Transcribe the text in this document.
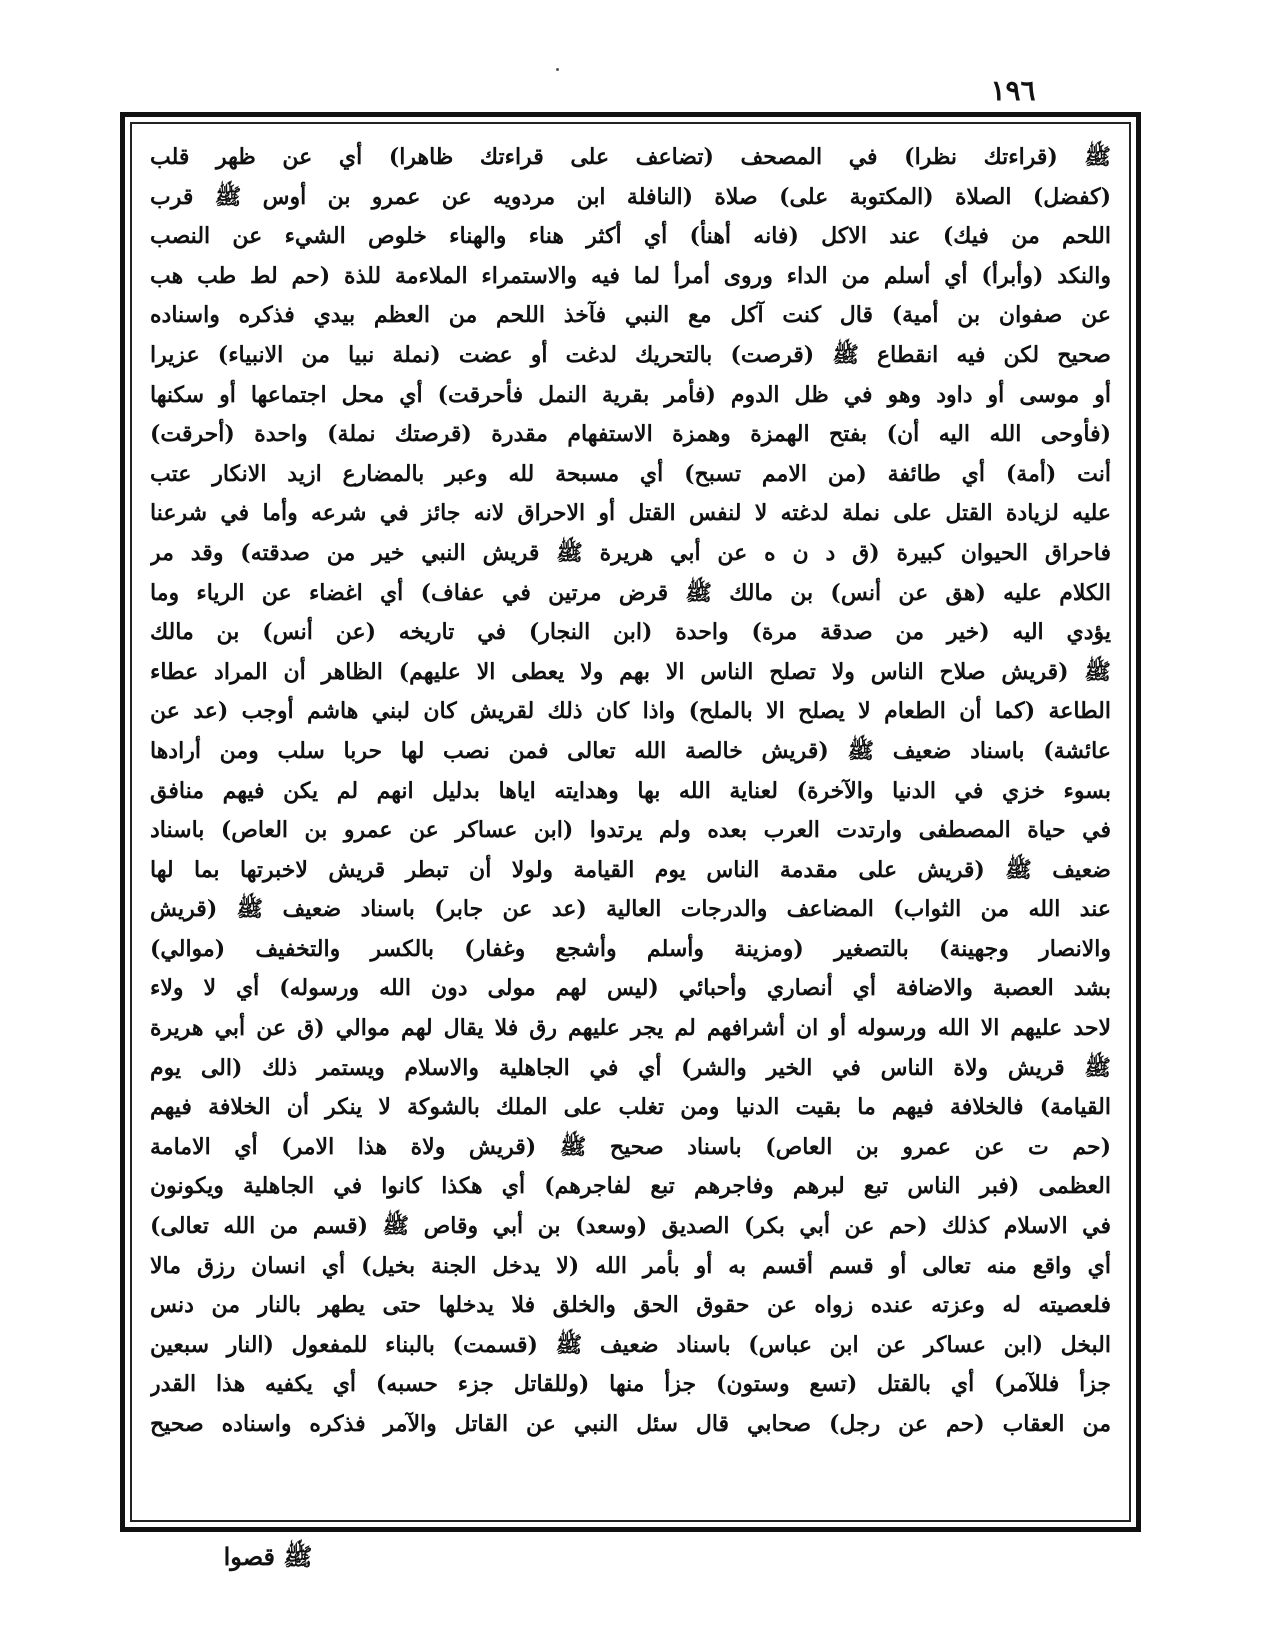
١٩٦
ﷺ (قراءتك نظرا) في المصحف (تضاعف على قراءتك ظاهرا) أي عن ظهر قلب
(كفضل) الصلاة (المكتوبة على) صلاة (النافلة ابن مردويه عن عمرو بن أوس ﷺ قرب
اللحم من فيك) عند الاكل (فانه أهنأ) أي أكثر هناء والهناء خلوص الشيء عن النصب
والنكد (وأبرأ) أي أسلم من الداء وروى أمرأ لما فيه والاستمراء الملاءمة للذة (حم لط طب هب
عن صفوان بن أمية) قال كنت آكل مع النبي فآخذ اللحم من العظم بيدي فذكره واسناده
صحيح لكن فيه انقطاع ﷺ (قرصت) بالتحريك لدغت أو عضت (نملة نبيا من الانبياء) عزيرا
أو موسى أو داود وهو في ظل الدوم (فأمر بقرية النمل فأحرقت) أي محل اجتماعها أو سكنها
(فأوحى الله اليه أن) بفتح الهمزة وهمزة الاستفهام مقدرة (قرصتك نملة) واحدة (أحرقت)
أنت (أمة) أي طائفة (من الامم تسبح) أي مسبحة لله وعبر بالمضارع ازيد الانكار عتب
عليه لزيادة القتل على نملة لدغته لا لنفس القتل أو الاحراق لانه جائز في شرعه وأما في شرعنا
فاحراق الحيوان كبيرة (ق د ن ه عن أبي هريرة ﷺ قريش النبي خير من صدقته) وقد مر
الكلام عليه (هق عن أنس) بن مالك ﷺ قرض مرتين في عفاف) أي اغضاء عن الرياء وما
يؤدي اليه (خير من صدقة مرة) واحدة (ابن النجار) في تاريخه (عن أنس) بن مالك
ﷺ (قريش صلاح الناس ولا تصلح الناس الا بهم ولا يعطى الا عليهم) الظاهر أن المراد عطاء
الطاعة (كما أن الطعام لا يصلح الا بالملح) واذا كان ذلك لقريش كان لبني هاشم أوجب (عد عن
عائشة) باسناد ضعيف ﷺ (قريش خالصة الله تعالى فمن نصب لها حربا سلب ومن أرادها
بسوء خزي في الدنيا والآخرة) لعناية الله بها وهدايته اياها بدليل انهم لم يكن فيهم منافق
في حياة المصطفى وارتدت العرب بعده ولم يرتدوا (ابن عساكر عن عمرو بن العاص) باسناد
ضعيف ﷺ (قريش على مقدمة الناس يوم القيامة ولولا أن تبطر قريش لاخبرتها بما لها
عند الله من الثواب) المضاعف والدرجات العالية (عد عن جابر) باسناد ضعيف ﷺ (قريش
والانصار وجهينة) بالتصغير (ومزينة وأسلم وأشجع وغفار) بالكسر والتخفيف (موالي)
بشد العصبة والاضافة أي أنصاري وأحبائي (ليس لهم مولى دون الله ورسوله) أي لا ولاء
لاحد عليهم الا الله ورسوله أو ان أشرافهم لم يجر عليهم رق فلا يقال لهم موالي (ق عن أبي هريرة
ﷺ قريش ولاة الناس في الخير والشر) أي في الجاهلية والاسلام ويستمر ذلك (الى يوم
القيامة) فالخلافة فيهم ما بقيت الدنيا ومن تغلب على الملك بالشوكة لا ينكر أن الخلافة فيهم
(حم ت عن عمرو بن العاص) باسناد صحيح ﷺ (قريش ولاة هذا الامر) أي الامامة
العظمى (فبر الناس تبع لبرهم وفاجرهم تبع لفاجرهم) أي هكذا كانوا في الجاهلية ويكونون
في الاسلام كذلك (حم عن أبي بكر) الصديق (وسعد) بن أبي وقاص ﷺ (قسم من الله تعالى)
أي واقع منه تعالى أو قسم أقسم به أو بأمر الله (لا يدخل الجنة بخيل) أي انسان رزق مالا
فلعصيته له وعزته عنده زواه عن حقوق الحق والخلق فلا يدخلها حتى يطهر بالنار من دنس
البخل (ابن عساكر عن ابن عباس) باسناد ضعيف ﷺ (قسمت) بالبناء للمفعول (النار سبعين
جزأ فللآمر) أي بالقتل (تسع وستون) جزأ منها (وللقاتل جزء حسبه) أي يكفيه هذا القدر
من العقاب (حم عن رجل) صحابي قال سئل النبي عن القاتل والآمر فذكره واسناده صحيح
ﷺ قصوا
